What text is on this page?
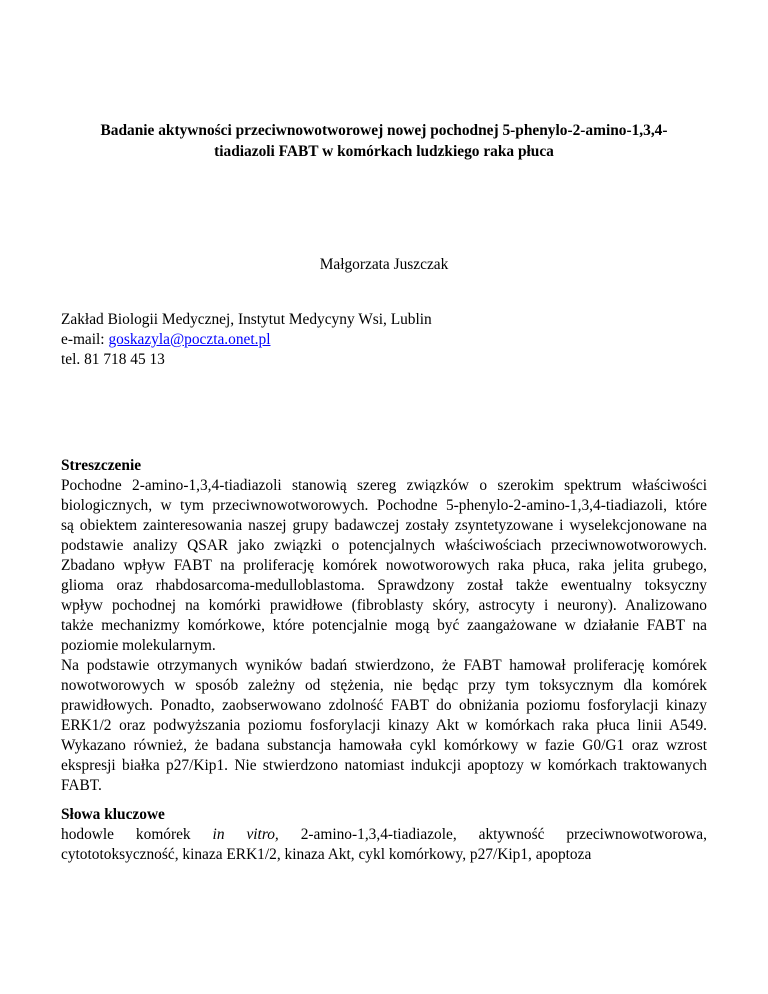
Badanie aktywności przeciwnowotworowej nowej pochodnej 5-phenylo-2-amino-1,3,4-
tiadiazoli FABT w komórkach ludzkiego raka płuca
Małgorzata Juszczak
Zakład Biologii Medycznej, Instytut Medycyny Wsi, Lublin
e-mail: goskazyla@poczta.onet.pl
tel. 81 718 45 13
Streszczenie
Pochodne 2-amino-1,3,4-tiadiazoli stanowią szereg związków o szerokim spektrum właściwości
biologicznych, w tym przeciwnowotworowych. Pochodne 5-phenylo-2-amino-1,3,4-tiadiazoli, które
są obiektem zainteresowania naszej grupy badawczej zostały zsyntetyzowane i wyselekcjonowane na
podstawie analizy QSAR jako związki o potencjalnych właściwościach przeciwnowotworowych.
Zbadano wpływ FABT na proliferację komórek nowotworowych raka płuca, raka jelita grubego,
glioma oraz rhabdosarcoma-medulloblastoma. Sprawdzony został także ewentualny toksyczny
wpływ pochodnej na komórki prawidłowe (fibroblasty skóry, astrocyty i neurony). Analizowano
także mechanizmy komórkowe, które potencjalnie mogą być zaangażowane w działanie FABT na
poziomie molekularnym.
Na podstawie otrzymanych wyników badań stwierdzono, że FABT hamował proliferację komórek
nowotworowych w sposób zależny od stężenia, nie będąc przy tym toksycznym dla komórek
prawidłowych. Ponadto, zaobserwowano zdolność FABT do obniżania poziomu fosforylacji kinazy
ERK1/2 oraz podwyższania poziomu fosforylacji kinazy Akt w komórkach raka płuca linii A549.
Wykazano również, że badana substancja hamowała cykl komórkowy w fazie G0/G1 oraz wzrost
ekspresji białka p27/Kip1. Nie stwierdzono natomiast indukcji apoptozy w komórkach traktowanych
FABT.
Słowa kluczowe
hodowle komórek in vitro, 2-amino-1,3,4-tiadiazole, aktywność przeciwnowotworowa,
cytototoksyczność, kinaza ERK1/2, kinaza Akt, cykl komórkowy, p27/Kip1, apoptoza
